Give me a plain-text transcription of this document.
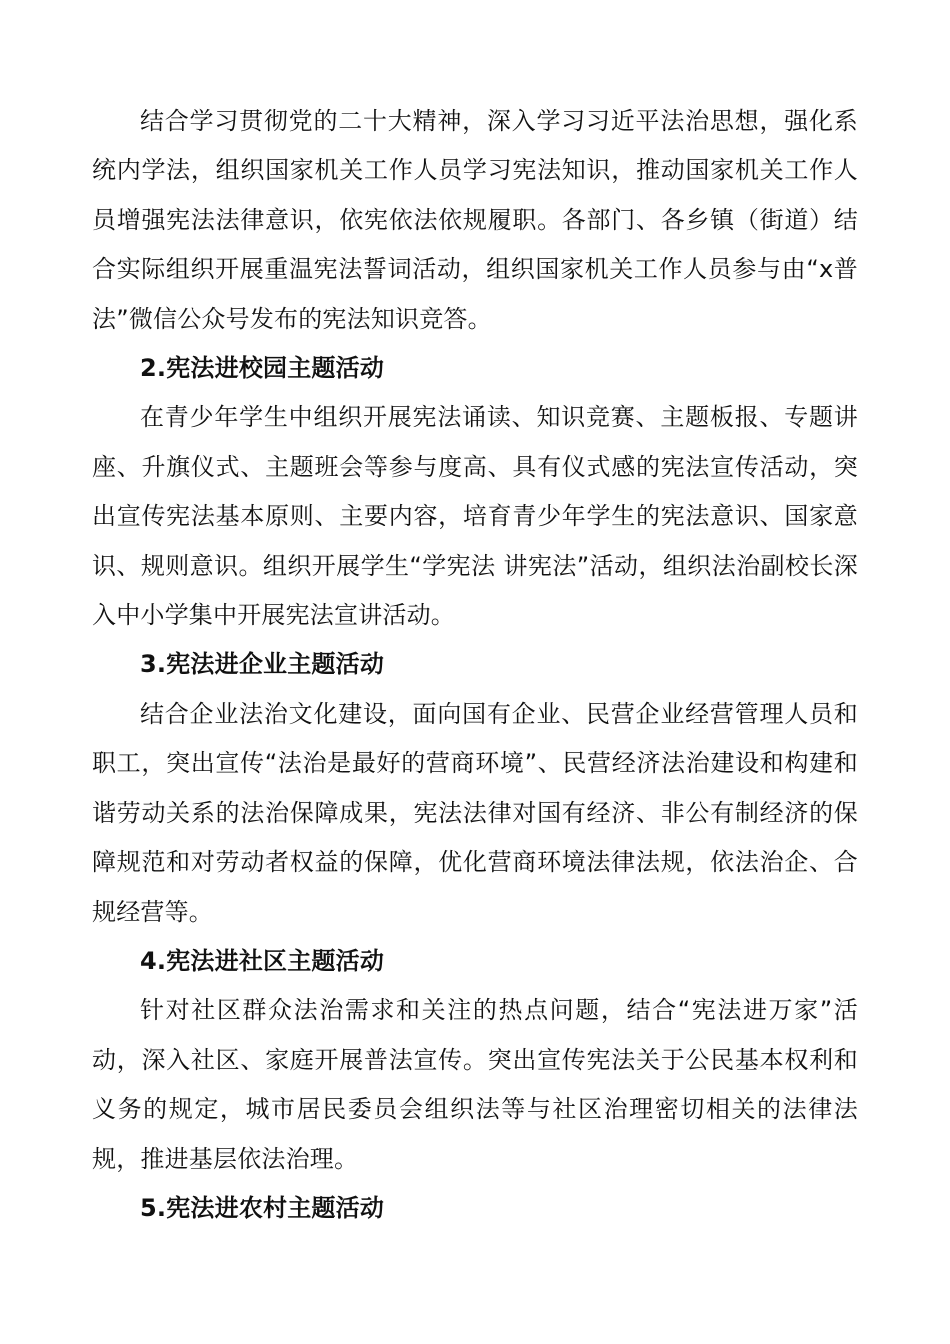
结合学习贯彻党的二十大精神，深入学习习近平法治思想，强化系统内学法，组织国家机关工作人员学习宪法知识，推动国家机关工作人员增强宪法法律意识，依宪依法依规履职。各部门、各乡镇（街道）结合实际组织开展重温宪法誓词活动，组织国家机关工作人员参与由“x普法”微信公众号发布的宪法知识竞答。

2.宪法进校园主题活动

在青少年学生中组织开展宪法诵读、知识竞赛、主题板报、专题讲座、升旗仪式、主题班会等参与度高、具有仪式感的宪法宣传活动，突出宣传宪法基本原则、主要内容，培育青少年学生的宪法意识、国家意识、规则意识。组织开展学生“学宪法 讲宪法”活动，组织法治副校长深入中小学集中开展宪法宣讲活动。

3.宪法进企业主题活动

结合企业法治文化建设，面向国有企业、民营企业经营管理人员和职工，突出宣传“法治是最好的营商环境”、民营经济法治建设和构建和谐劳动关系的法治保障成果，宪法法律对国有经济、非公有制经济的保障规范和对劳动者权益的保障，优化营商环境法律法规，依法治企、合规经营等。

4.宪法进社区主题活动

针对社区群众法治需求和关注的热点问题，结合“宪法进万家”活动，深入社区、家庭开展普法宣传。突出宣传宪法关于公民基本权利和义务的规定，城市居民委员会组织法等与社区治理密切相关的法律法规，推进基层依法治理。

5.宪法进农村主题活动
